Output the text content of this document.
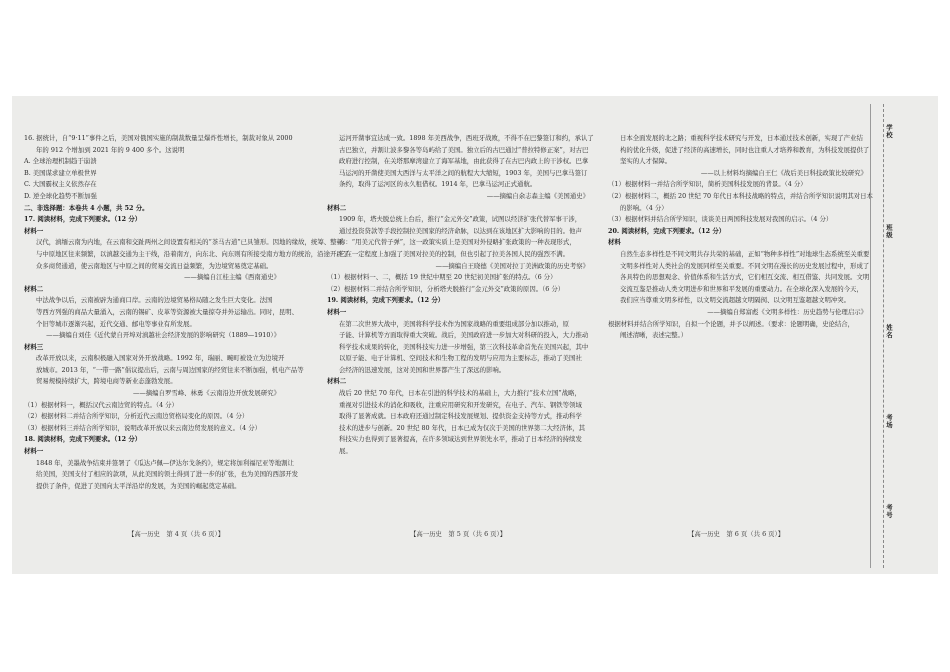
16. 据统计，自“9·11”事件之后，美国对俄国实施的制裁数量呈爆炸性增长，制裁对象从 2000

年的 912 个增加到 2021 年的 9 400 多个。这说明

A. 全球治理机制趋于崩溃

B. 美国谋求建立单极世界

C. 大国霸权主义依然存在

D. 逆全球化趋势不断加强

二、非选择题：本卷共 4 小题，共 52 分。

17. 阅读材料，完成下列要求。（12 分）

材料一

汉代，滇缅云南为内地，在云南和交趾两州之间设置有相关的“茶马古道”已具雏形。因地的缘故，统筹、整顿

与中原地区往来频繁，以滇越交通为主干线，沿着南方，向东北、向东则有所接受南方地方的统治，沿途开辟了

众多商贸通道，使云南地区与中原之间的贸易交流日益频繁，为边境贸易奠定基础。

——摘编自江桂主编《西南通史》

材料二

中法战争以后，云南被辟为通商口岸。云南的边境贸易格局随之发生巨大变化。法国

等西方列强的商品大量涌入，云南的锡矿、皮革等资源被大量掠夺并外运输出。同时，昆明、

个旧等城市逐渐兴起，近代交通、邮电等事业有所发展。

——摘编自刘佳《近代蒙自开埠对滇越社会经济发展的影响研究（1889—1910）》

材料三

改革开放以来，云南积极融入国家对外开放战略。1992 年，瑞丽、畹町被设立为边境开

放城市。2013 年，“一带一路”倡议提出后，云南与周边国家的经贸往来不断加强，机电产品等

贸易规模持续扩大，跨境电商等新业态蓬勃发展。

——摘编自罗雪峰、林勇《云南沿边开放发展研究》

（1）根据材料一，概括汉代云南边贸的特点。（4 分）

（2）根据材料二并结合所学知识，分析近代云南边贸格局变化的原因。（4 分）

（3）根据材料三并结合所学知识，说明改革开放以来云南边贸发展的意义。（4 分）

18. 阅读材料，完成下列要求。（12 分）

材料一

1848 年，美墨战争结束并签署了《瓜达卢佩—伊达尔戈条约》，规定将加利福尼亚等地割让

给美国，美国支付了相应的款项，从此美国的领土得到了进一步的扩张，也为美国的西部开发

提供了条件，促进了美国向太平洋沿岸的发展，为美国的崛起奠定基础。

运河开凿事宜达成一致。1898 年美西战争，西班牙战败，不得不在巴黎签订和约，承认了

古巴独立，并割让波多黎各等岛屿给了美国。独立后的古巴通过“普拉特修正案”，对古巴

政府进行控制，在关塔那摩湾建立了海军基地，由此获得了在古巴内政上的干涉权。巴拿

马运河的开凿使美国大西洋与太平洋之间的航程大大缩短，1903 年，美国与巴拿马签订

条约，取得了运河区的永久租借权。1914 年，巴拿马运河正式通航。

——摘编自余志森主编《美国通史》

材料二

1909 年，塔夫脱总统上台后，推行“金元外交”政策，试图以经济扩张代替军事干涉，

通过投资贷款等手段控制拉美国家的经济命脉，以达到在该地区扩大影响的目的。他声

称：“用美元代替子弹”，这一政策实质上是美国对外侵略扩张政策的一种表现形式，

它在一定程度上加强了美国对拉美的控制，但也引起了拉美各国人民的强烈不满。

——摘编自王晓德《美国对拉丁美洲政策的历史考察》

（1）根据材料一、二，概括 19 世纪中期至 20 世纪初美国扩张的特点。（6 分）

（2）根据材料二并结合所学知识，分析塔夫脱推行“金元外交”政策的原因。（6 分）

19. 阅读材料，完成下列要求。（12 分）

材料一

在第二次世界大战中，美国将科学技术作为国家战略的重要组成部分加以推动，原

子能、计算机等方面取得重大突破。战后，美国政府进一步加大对科研的投入，大力推动

科学技术成果的转化，美国科技实力进一步增强，第三次科技革命首先在美国兴起，其中

以原子能、电子计算机、空间技术和生物工程的发明与应用为主要标志，推动了美国社

会经济的迅速发展，这对美国和世界都产生了深远的影响。

材料二

战后 20 世纪 70 年代，日本在引进的科学技术的基础上，大力推行“技术立国”战略，

重视对引进技术的消化和吸收，注重应用研究和开发研究，在电子、汽车、钢铁等领域

取得了显著成就。日本政府还通过制定科技发展规划、提供资金支持等方式，推动科学

技术的进步与创新。20 世纪 80 年代，日本已成为仅次于美国的世界第二大经济体，其

科技实力也得到了显著提高，在许多领域达到世界领先水平，推动了日本经济的持续发

展。

日本全面发展的北之路；重视科学技术研究与开发，日本通过技术创新，实现了产业结

构的优化升级，促进了经济的高速增长，同时也注重人才培养和教育，为科技发展提供了

坚实的人才保障。

——以上材料均摘编自王仁《战后美日科技政策比较研究》

（1）根据材料一并结合所学知识，简析美国科技发展的背景。（4 分）

（2）根据材料二，概括 20 世纪 70 年代日本科技战略的特点，并结合所学知识说明其对日本

的影响。（4 分）

（3）根据材料并结合所学知识，谈谈美日两国科技发展对我国的启示。（4 分）

20. 阅读材料，完成下列要求。（12 分）

材料

自然生态多样性是不同文明共存共荣的基础，正如“物种多样性”对地球生态系统至关重要，

文明多样性对人类社会的发展同样至关重要。不同文明在漫长的历史发展过程中，形成了

各具特色的思想观念、价值体系和生活方式，它们相互交流、相互借鉴、共同发展。文明

交流互鉴是推动人类文明进步和世界和平发展的重要动力。在全球化深入发展的今天，

我们应当尊重文明多样性，以文明交流超越文明隔阂、以文明互鉴超越文明冲突。

——摘编自郑富彪《文明多样性：历史趋势与伦理启示》

根据材料并结合所学知识，自拟一个论题，并予以阐述。（要求：论题明确，史论结合，

阐述清晰，表述完整。）

【高一历史　第 4 页（共 6 页）】	【高一历史　第 5 页（共 6 页）】	【高一历史　第 6 页（共 6 页）】
学校
班级
姓名
考场
考号
